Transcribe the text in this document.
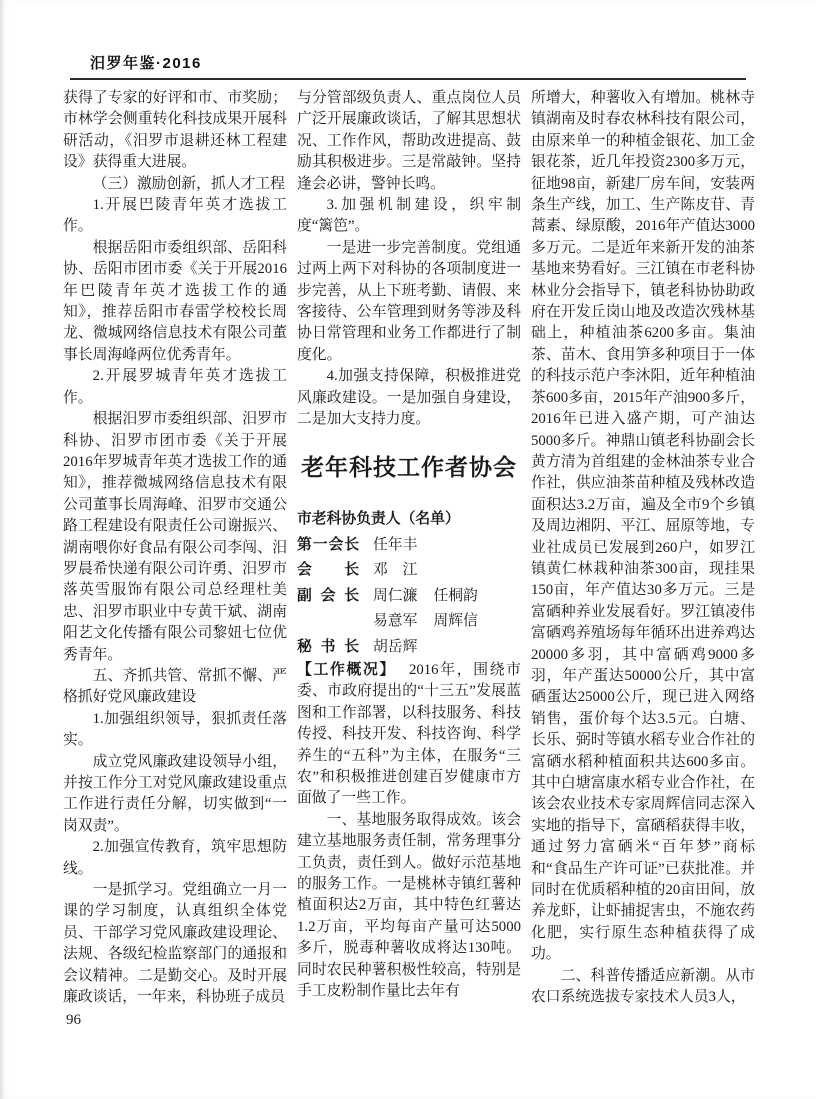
汨罗年鉴·2016

获得了专家的好评和市、市奖励；市林学会侧重转化科技成果开展科研活动，《汨罗市退耕还林工程建设》获得重大进展。

（三）激励创新，抓人才工程

1.开展巴陵青年英才选拔工作。

根据岳阳市委组织部、岳阳科协、岳阳市团市委《关于开展2016年巴陵青年英才选拔工作的通知》，推荐岳阳市春雷学校校长周龙、微城网络信息技术有限公司董事长周海峰两位优秀青年。

2.开展罗城青年英才选拔工作。

根据汨罗市委组织部、汨罗市科协、汨罗市团市委《关于开展2016年罗城青年英才选拔工作的通知》，推荐微城网络信息技术有限公司董事长周海峰、汨罗市交通公路工程建设有限责任公司谢振兴、湖南喂你好食品有限公司李闯、汨罗晨希快递有限公司许勇、汨罗市落英雪服饰有限公司总经理杜美忠、汨罗市职业中专黄干斌、湖南阳艺文化传播有限公司黎妞七位优秀青年。

五、齐抓共管、常抓不懈、严格抓好党风廉政建设

1.加强组织领导，狠抓责任落实。

成立党风廉政建设领导小组，并按工作分工对党风廉政建设重点工作进行责任分解，切实做到“一岗双责”。

2.加强宣传教育，筑牢思想防线。

一是抓学习。党组确立一月一课的学习制度，认真组织全体党员、干部学习党风廉政建设理论、法规、各级纪检监察部门的通报和会议精神。二是勤交心。及时开展廉政谈话，一年来，科协班子成员

与分管部级负责人、重点岗位人员广泛开展廉政谈话，了解其思想状况、工作作风，帮助改进提高、鼓励其积极进步。三是常敲钟。坚持逢会必讲，警钟长鸣。

3.加强机制建设，织牢制度“篱笆”。

一是进一步完善制度。党组通过两上两下对科协的各项制度进一步完善，从上下班考勤、请假、来客接待、公车管理到财务等涉及科协日常管理和业务工作都进行了制度化。

4.加强支持保障，积极推进党风廉政建设。一是加强自身建设，二是加大支持力度。

老年科技工作者协会
市老科协负责人（名单）
第一会长 任年丰
会长 邓　江
副会长 周仁濂 任桐韵
易意军 周辉信
秘书长 胡岳辉

【工作概况】 2016年，围绕市委、市政府提出的“十三五”发展蓝图和工作部署，以科技服务、科技传授、科技开发、科技咨询、科学养生的“五科”为主体，在服务“三农”和积极推进创建百岁健康市方面做了一些工作。

一、基地服务取得成效。该会建立基地服务责任制，常务理事分工负责，责任到人。做好示范基地的服务工作。一是桃林寺镇红薯种植面积达2万亩，其中特色红薯达1.2万亩，平均每亩产量可达5000多斤，脱毒种薯收成将达130吨。同时农民种薯积极性较高，特别是手工皮粉制作量比去年有

所增大，种薯收入有增加。桃林寺镇湖南及时春农林科技有限公司，由原来单一的种植金银花、加工金银花茶，近几年投资2300多万元，征地98亩，新建厂房车间，安装两条生产线，加工、生产陈皮苷、青蒿素、绿原酸，2016年产值达3000多万元。二是近年来新开发的油茶基地来势看好。三江镇在市老科协林业分会指导下，镇老科协协助政府在开发丘岗山地及改造次残林基础上，种植油茶6200多亩。集油茶、苗木、食用笋多种项目于一体的科技示范户李沐阳，近年种植油茶600多亩，2015年产油900多斤，2016年已进入盛产期，可产油达5000多斤。神鼎山镇老科协副会长黄方清为首组建的金林油茶专业合作社，供应油茶苗种植及残林改造面积达3.2万亩，遍及全市9个乡镇及周边湘阴、平江、屈原等地，专业社成员已发展到260户，如罗江镇黄仁林栽种油茶300亩，现挂果150亩，年产值达30多万元。三是富硒种养业发展看好。罗江镇凌伟富硒鸡养殖场每年循环出进养鸡达20000多羽，其中富硒鸡9000多羽，年产蛋达50000公斤，其中富硒蛋达25000公斤，现已进入网络销售，蛋价每个达3.5元。白塘、长乐、弼时等镇水稻专业合作社的富硒水稻种植面积共达600多亩。其中白塘富康水稻专业合作社，在该会农业技术专家周辉信同志深入实地的指导下，富硒稻获得丰收，通过努力富硒米“百年梦”商标和“食品生产许可证”已获批准。并同时在优质稻种植的20亩田间，放养龙虾，让虾捕捉害虫，不施农药化肥，实行原生态种植获得了成功。

二、科普传播适应新潮。从市农口系统选拔专家技术人员3人，

96
